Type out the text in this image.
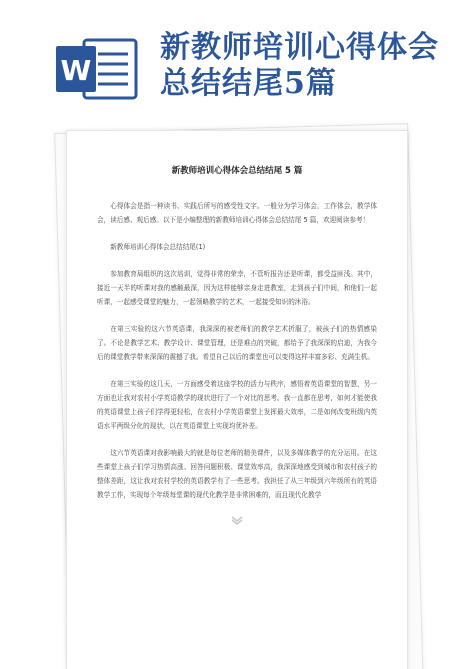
W
新教师培训心得体会总结结尾5篇
新教师培训心得体会总结结尾 5 篇

心得体会是指一种读书、实践后所写的感受性文字。一般分为学习体会，工作体会，教学体会，读后感、观后感。以下是小编整理的新教师培训心得体会总结结尾 5 篇，欢迎阅读参考！

新教师培训心得体会总结结尾(1)

参加教育局组织的这次培训，觉得非常的荣幸，不管听报告还是听课，都受益匪浅。其中，接近一天半的听课对我的感触最深，因为这样能够亲身走进教室，走到孩子们中间，和他们一起听课，一起感受课堂的魅力，一起领略教学的艺术，一起接受知识的沐浴。

在第三实验的这六节英语课，我深深的被老师们的教学艺术折服了，被孩子们的热情感染了。不论是教学艺术、教学设计、课堂管理，还是难点的突破，都给予了我深深的启迪，为我今后的课堂教学带来深深的震撼了我。希望自己以后的课堂也可以变得这样丰富多彩、充满生机。

在第三实验的这几天，一方面感受着这座学校的活力与秩序，感悟着英语课堂的智慧，另一方面也让我对农村小学英语教学的现状进行了一个对比的思考。我一直都在思考，如何才能使我的英语课堂上孩子们学得更轻松，在农村小学英语课堂上发挥最大效率，二是如何改变班级内英语水平两级分化的现状，以在英语课堂上实现均优补差。

这六节英语课对我影响最大的就是每位老师的精美课件，以及多媒体教学的充分运用。在这些课堂上孩子们学习热情高涨、回答问题积极、课堂效率高，我深深地感受到城市和农村孩子的整体差距，这让我对农村学校的英语教学有了一些思考。我担任了从三年级到六年级所有的英语教学工作，实现每个年级每堂课的现代化教学是非常困难的，而且现代化教学
